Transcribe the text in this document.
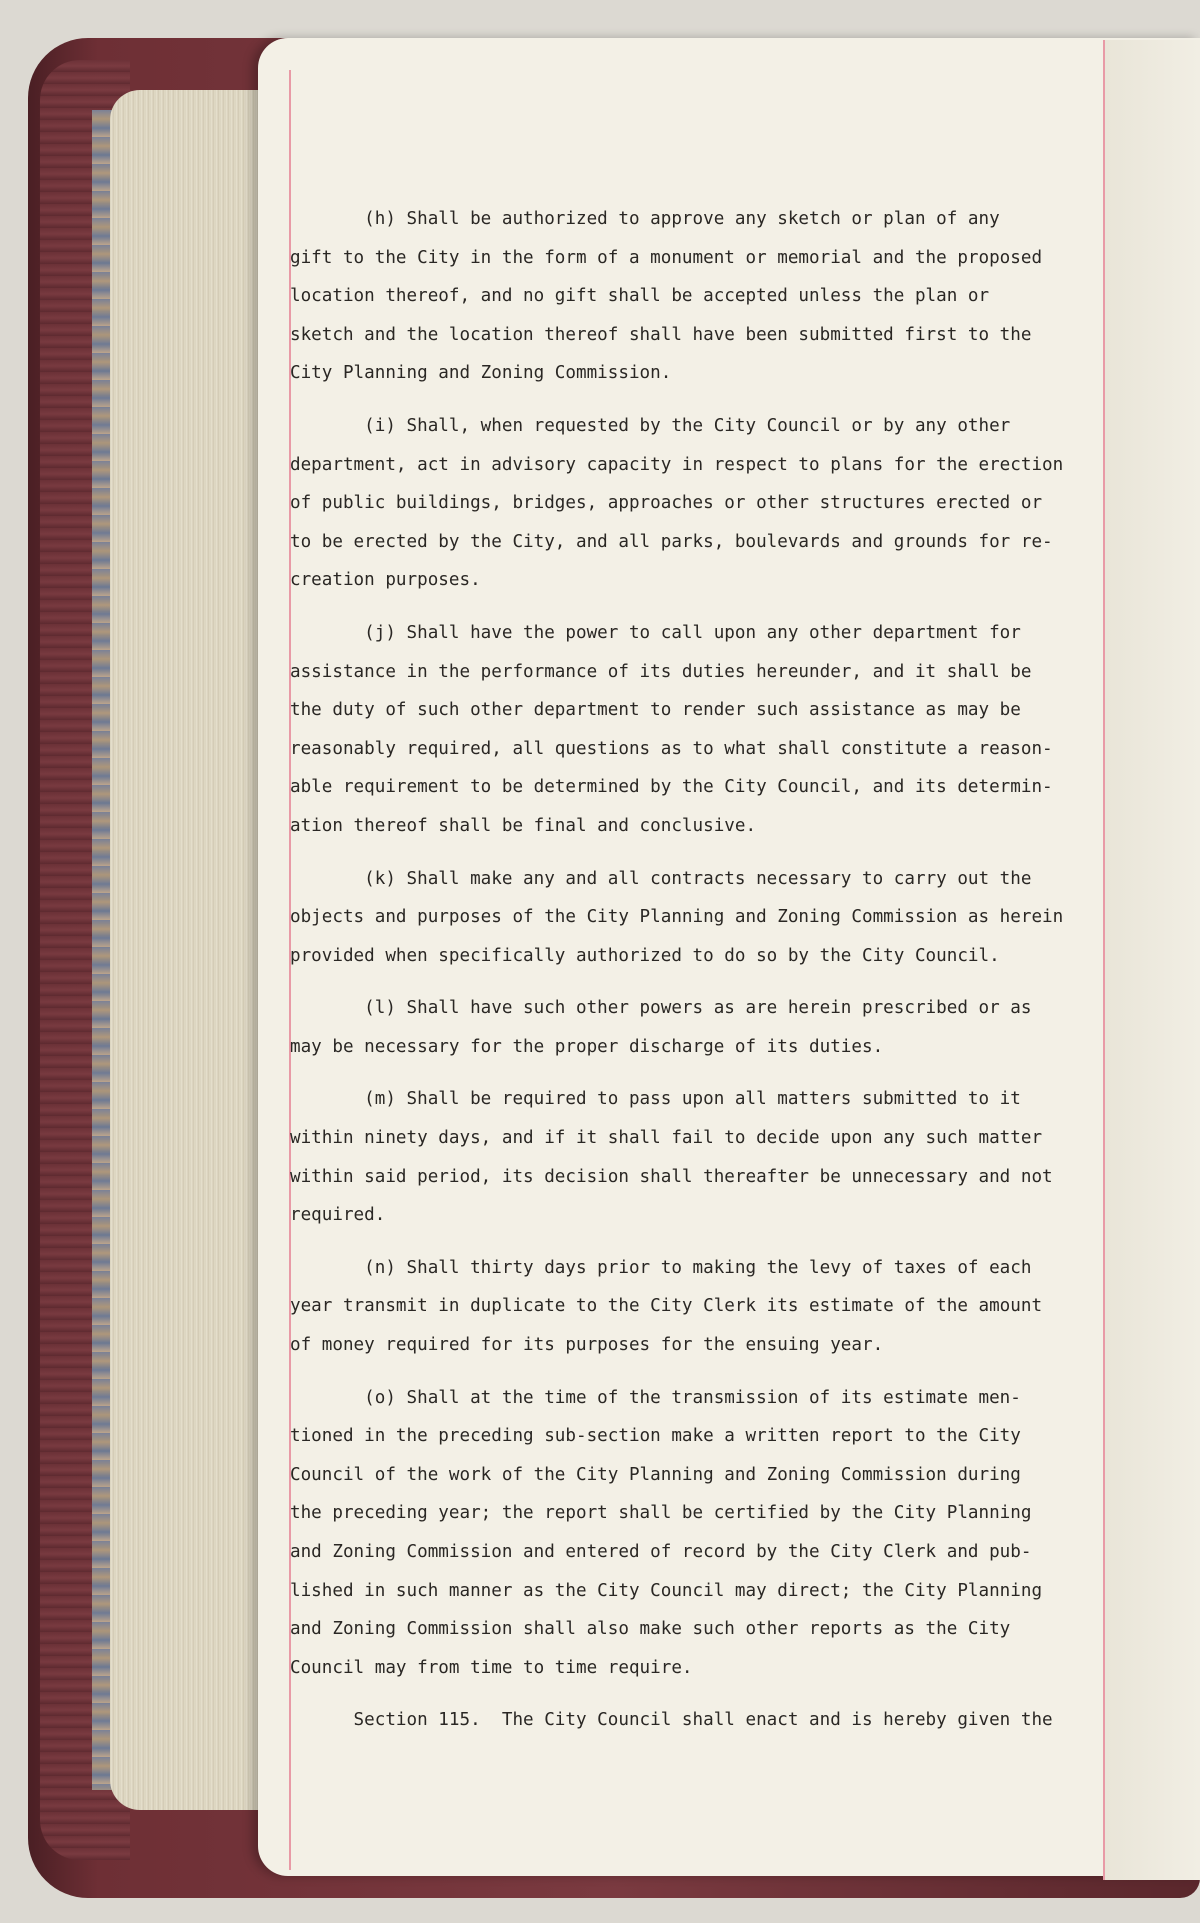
(h) Shall be authorized to approve any sketch or plan of any
gift to the City in the form of a monument or memorial and the proposed
location thereof, and no gift shall be accepted unless the plan or
sketch and the location thereof shall have been submitted first to the
City Planning and Zoning Commission.
(i) Shall, when requested by the City Council or by any other
department, act in advisory capacity in respect to plans for the erection
of public buildings, bridges, approaches or other structures erected or
to be erected by the City, and all parks, boulevards and grounds for re-
creation purposes.
(j) Shall have the power to call upon any other department for
assistance in the performance of its duties hereunder, and it shall be
the duty of such other department to render such assistance as may be
reasonably required, all questions as to what shall constitute a reason-
able requirement to be determined by the City Council, and its determin-
ation thereof shall be final and conclusive.
(k) Shall make any and all contracts necessary to carry out the
objects and purposes of the City Planning and Zoning Commission as herein
provided when specifically authorized to do so by the City Council.
(l) Shall have such other powers as are herein prescribed or as
may be necessary for the proper discharge of its duties.
(m) Shall be required to pass upon all matters submitted to it
within ninety days, and if it shall fail to decide upon any such matter
within said period, its decision shall thereafter be unnecessary and not
required.
(n) Shall thirty days prior to making the levy of taxes of each
year transmit in duplicate to the City Clerk its estimate of the amount
of money required for its purposes for the ensuing year.
(o) Shall at the time of the transmission of its estimate men-
tioned in the preceding sub-section make a written report to the City
Council of the work of the City Planning and Zoning Commission during
the preceding year; the report shall be certified by the City Planning
and Zoning Commission and entered of record by the City Clerk and pub-
lished in such manner as the City Council may direct; the City Planning
and Zoning Commission shall also make such other reports as the City
Council may from time to time require.
Section 115.  The City Council shall enact and is hereby given the
